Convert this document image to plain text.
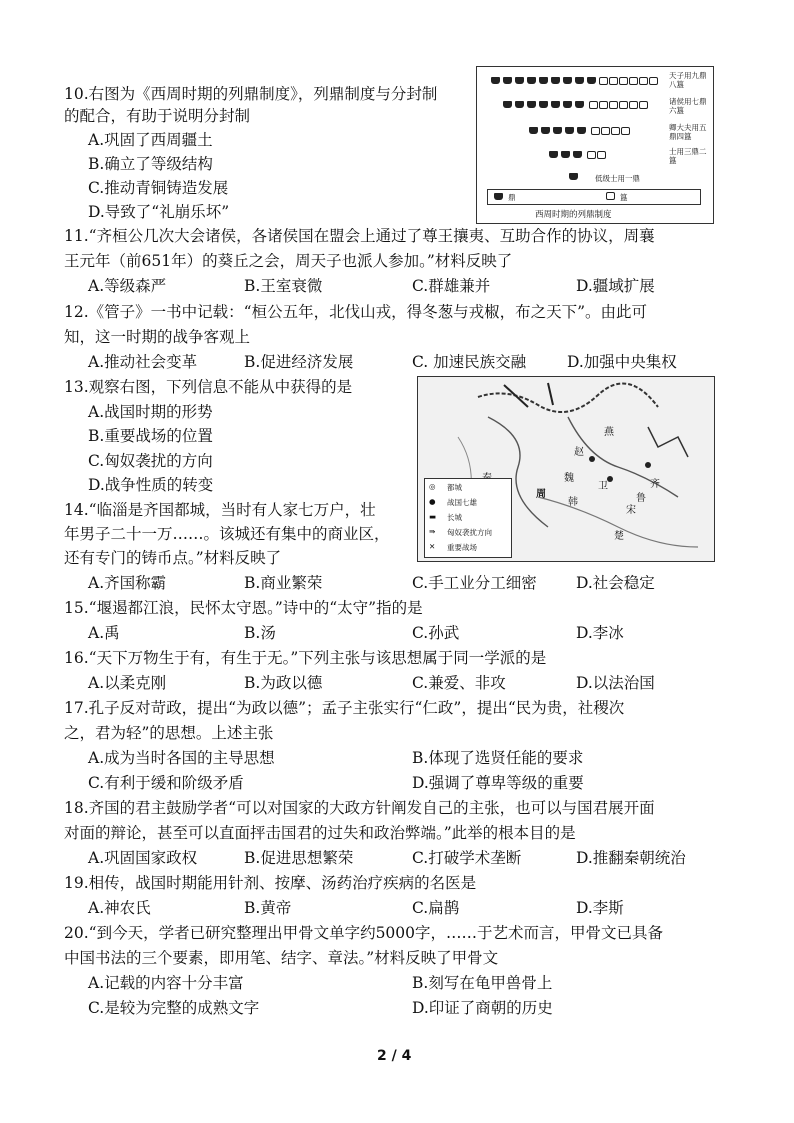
10.右图为《西周时期的列鼎制度》，列鼎制度与分封制
的配合，有助于说明分封制
A.巩固了西周疆土
B.确立了等级结构
C.推动青铜铸造发展
D.导致了“礼崩乐坏”
天子用九鼎八簋
诸侯用七鼎六簋
卿大夫用五鼎四簋
士用三鼎二簋
低级士用一鼎
鼎	簋
西周时期的列鼎制度
11.“齐桓公几次大会诸侯，各诸侯国在盟会上通过了尊王攘夷、互助合作的协议，周襄
王元年（前651年）的葵丘之会，周天子也派人参加。”材料反映了
A.等级森严	B.王室衰微	C.群雄兼并	D.疆域扩展
12.《管子》一书中记载：“桓公五年，北伐山戎，得冬葱与戎椒，布之天下”。由此可
知，这一时期的战争客观上
A.推动社会变革	B.促进经济发展	C. 加速民族交融	D.加强中央集权
13.观察右图，下列信息不能从中获得的是
A.战国时期的形势
B.重要战场的位置
C.匈奴袭扰的方向
D.战争性质的转变
燕
赵
魏
韩
齐
楚
周
宋
卫
鲁
◎ 都城
● 战国七雄
▬ 长城
⇛ 匈奴袭扰方向
✕ 重要战场
14.“临淄是齐国都城，当时有人家七万户，壮
年男子二十一万……。该城还有集中的商业区，
还有专门的铸币点。”材料反映了
A.齐国称霸	B.商业繁荣	C.手工业分工细密	D.社会稳定
15.“堰遏都江浪，民怀太守恩。”诗中的“太守”指的是
A.禹	B.汤	C.孙武	D.李冰
16.“天下万物生于有，有生于无。”下列主张与该思想属于同一学派的是
A.以柔克刚	B.为政以德	C.兼爱、非攻	D.以法治国
17.孔子反对苛政，提出“为政以德”；孟子主张实行“仁政”，提出“民为贵，社稷次
之，君为轻”的思想。上述主张
A.成为当时各国的主导思想	B.体现了选贤任能的要求
C.有利于缓和阶级矛盾	D.强调了尊卑等级的重要
18.齐国的君主鼓励学者“可以对国家的大政方针阐发自己的主张，也可以与国君展开面
对面的辩论，甚至可以直面抨击国君的过失和政治弊端。”此举的根本目的是
A.巩固国家政权	B.促进思想繁荣	C.打破学术垄断	D.推翻秦朝统治
19.相传，战国时期能用针剂、按摩、汤药治疗疾病的名医是
A.神农氏	B.黄帝	C.扁鹊	D.李斯
20.“到今天，学者已研究整理出甲骨文单字约5000字，……于艺术而言，甲骨文已具备
中国书法的三个要素，即用笔、结字、章法。”材料反映了甲骨文
A.记载的内容十分丰富	B.刻写在龟甲兽骨上
C.是较为完整的成熟文字	D.印证了商朝的历史
2 / 4
